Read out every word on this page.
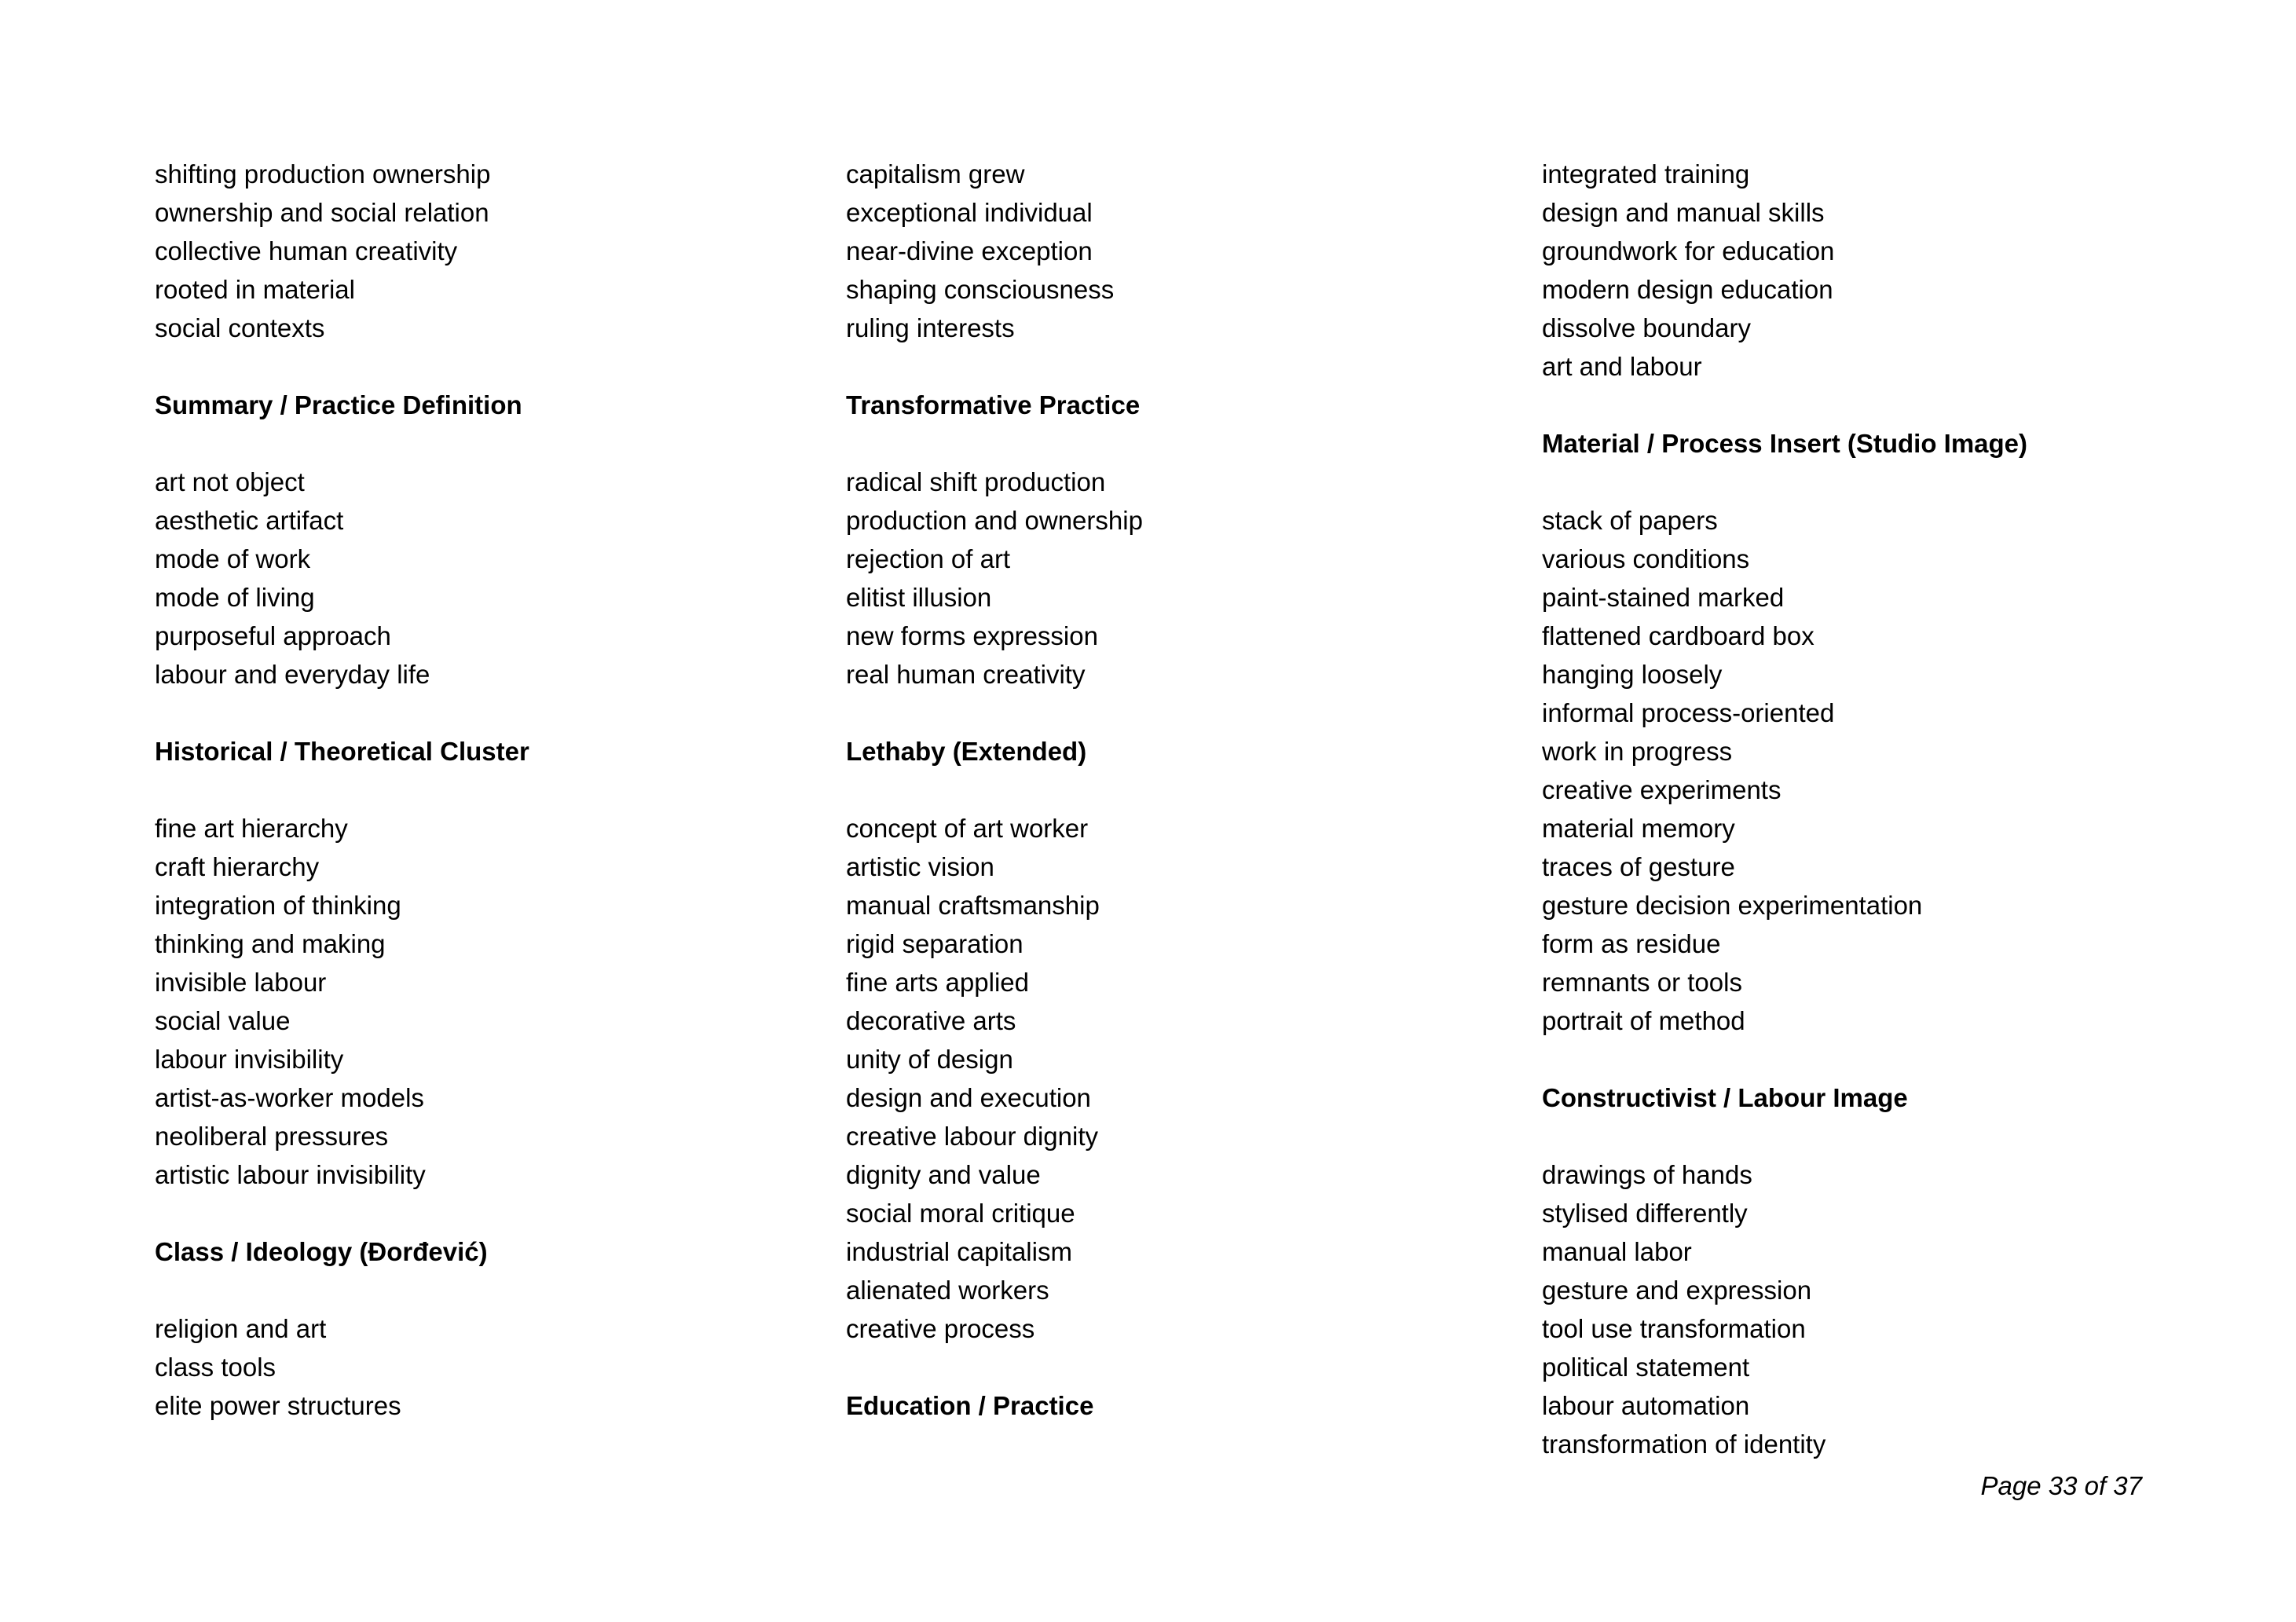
shifting production ownership
ownership and social relation
collective human creativity
rooted in material
social contexts
Summary / Practice Definition
art not object
aesthetic artifact
mode of work
mode of living
purposeful approach
labour and everyday life
Historical / Theoretical Cluster
fine art hierarchy
craft hierarchy
integration of thinking
thinking and making
invisible labour
social value
labour invisibility
artist-as-worker models
neoliberal pressures
artistic labour invisibility
Class / Ideology (Đorđević)
religion and art
class tools
elite power structures
capitalism grew
exceptional individual
near-divine exception
shaping consciousness
ruling interests
Transformative Practice
radical shift production
production and ownership
rejection of art
elitist illusion
new forms expression
real human creativity
Lethaby (Extended)
concept of art worker
artistic vision
manual craftsmanship
rigid separation
fine arts applied
decorative arts
unity of design
design and execution
creative labour dignity
dignity and value
social moral critique
industrial capitalism
alienated workers
creative process
Education / Practice
integrated training
design and manual skills
groundwork for education
modern design education
dissolve boundary
art and labour
Material / Process Insert (Studio Image)
stack of papers
various conditions
paint-stained marked
flattened cardboard box
hanging loosely
informal process-oriented
work in progress
creative experiments
material memory
traces of gesture
gesture decision experimentation
form as residue
remnants or tools
portrait of method
Constructivist / Labour Image
drawings of hands
stylised differently
manual labor
gesture and expression
tool use transformation
political statement
labour automation
transformation of identity
Page 33 of 37
